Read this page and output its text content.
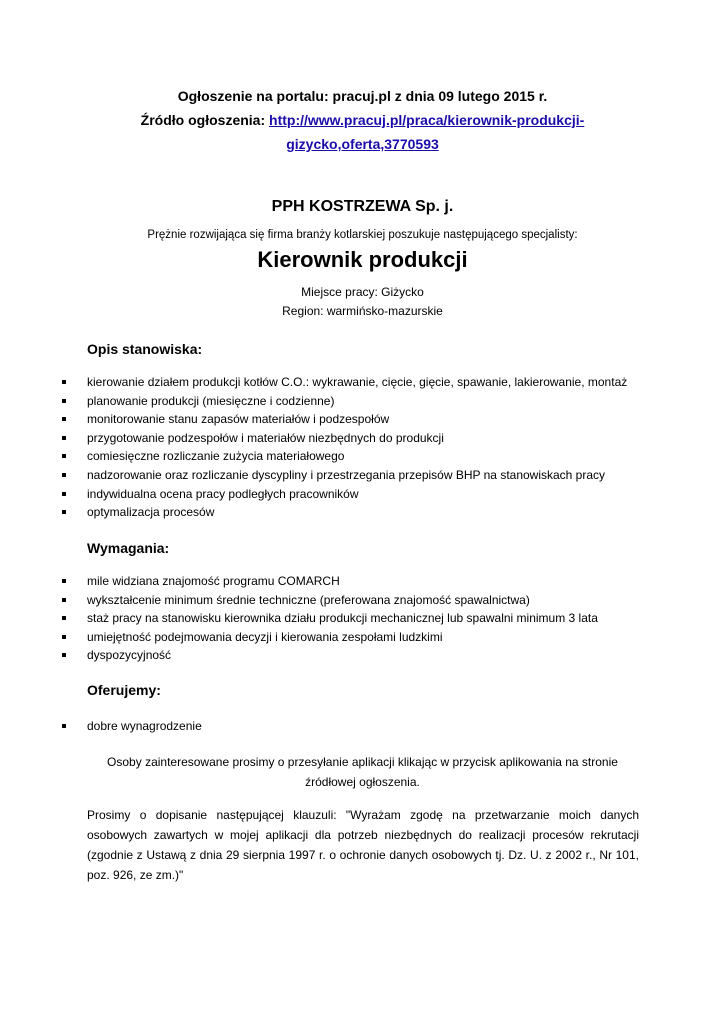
Ogłoszenie na portalu: pracuj.pl z dnia 09 lutego 2015 r.
Źródło ogłoszenia: http://www.pracuj.pl/praca/kierownik-produkcji-
gizycko,oferta,3770593
PPH KOSTRZEWA Sp. j.
Prężnie rozwijająca się firma branży kotlarskiej poszukuje następującego specjalisty:
Kierownik produkcji
Miejsce pracy: Giżycko
Region: warmińsko-mazurskie
Opis stanowiska:
kierowanie działem produkcji kotłów C.O.: wykrawanie, cięcie, gięcie, spawanie, lakierowanie, montaż
planowanie produkcji (miesięczne i codzienne)
monitorowanie stanu zapasów materiałów i podzespołów
przygotowanie podzespołów i materiałów niezbędnych do produkcji
comiesięczne rozliczanie zużycia materiałowego
nadzorowanie oraz rozliczanie dyscypliny i przestrzegania przepisów BHP na stanowiskach pracy
indywidualna ocena pracy podległych pracowników
optymalizacja procesów
Wymagania:
mile widziana znajomość programu COMARCH
wykształcenie minimum średnie techniczne (preferowana znajomość spawalnictwa)
staż pracy na stanowisku kierownika działu produkcji mechanicznej lub spawalni minimum 3 lata
umiejętność podejmowania decyzji i kierowania zespołami ludzkimi
dyspozycyjność
Oferujemy:
dobre wynagrodzenie
Osoby zainteresowane prosimy o przesyłanie aplikacji klikając w przycisk aplikowania na stronie źródłowej ogłoszenia.
Prosimy o dopisanie następującej klauzuli: "Wyrażam zgodę na przetwarzanie moich danych osobowych zawartych w mojej aplikacji dla potrzeb niezbędnych do realizacji procesów rekrutacji (zgodnie z Ustawą z dnia 29 sierpnia 1997 r. o ochronie danych osobowych tj. Dz. U. z 2002 r., Nr 101, poz. 926, ze zm.)"
